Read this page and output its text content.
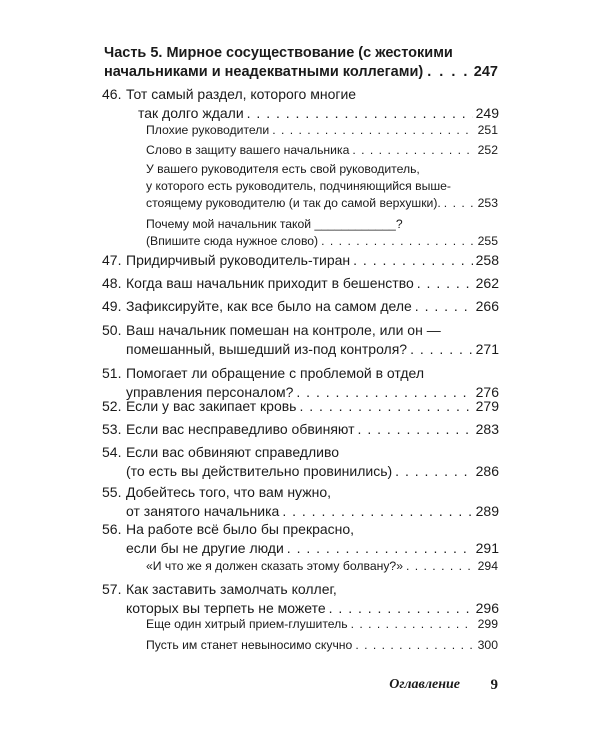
Часть 5. Мирное сосуществование (с жестокими
начальниками и неадекватными коллегами) . . .	247
46. Тот самый раздел, которого многие
так долго ждали . . .	249
Плохие руководители . . .	251
Слово в защиту вашего начальника . . .	252
У вашего руководителя есть свой руководитель,
у которого есть руководитель, подчиняющийся выше-
стоящему руководителю (и так до самой верхушки). . . .	253
Почему мой начальник такой ____________?
(Впишите сюда нужное слово) . . .	255
47. Придирчивый руководитель-тиран . . .	258
48. Когда ваш начальник приходит в бешенство . . .	262
49. Зафиксируйте, как все было на самом деле . . .	266
50. Ваш начальник помешан на контроле, или он —
помешанный, вышедший из-под контроля? . . .	271
51. Помогает ли обращение с проблемой в отдел
управления персоналом? . . .	276
52. Если у вас закипает кровь . . .	279
53. Если вас несправедливо обвиняют . . .	283
54. Если вас обвиняют справедливо
(то есть вы действительно провинились) . . .	286
55. Добейтесь того, что вам нужно,
от занятого начальника . . .	289
56. На работе всё было бы прекрасно,
если бы не другие люди . . .	291
«И что же я должен сказать этому болвану?» . . .	294
57. Как заставить замолчать коллег,
которых вы терпеть не можете . . .	296
Еще один хитрый прием-глушитель . . .	299
Пусть им станет невыносимо скучно . . .	300
Оглавление 9
